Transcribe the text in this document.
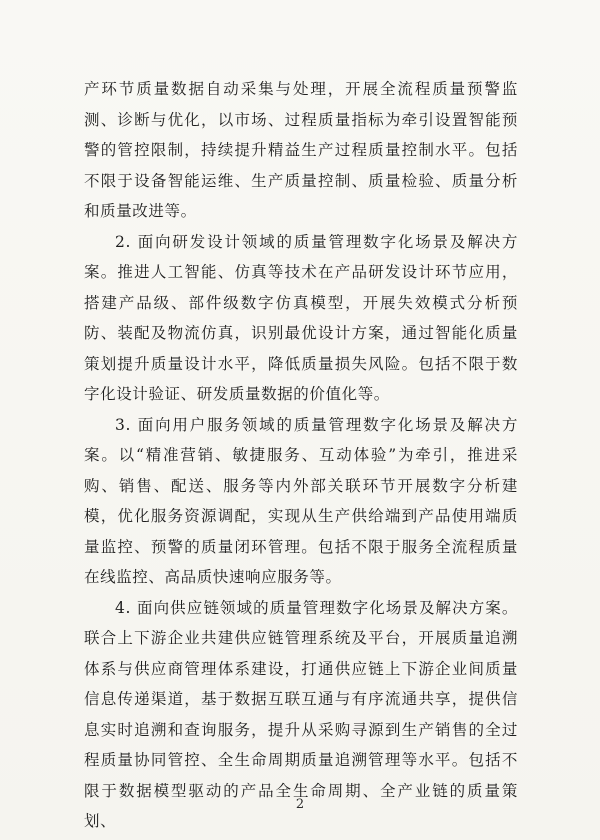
产环节质量数据自动采集与处理，开展全流程质量预警监测、诊断与优化，以市场、过程质量指标为牵引设置智能预警的管控限制，持续提升精益生产过程质量控制水平。包括不限于设备智能运维、生产质量控制、质量检验、质量分析和质量改进等。

2. 面向研发设计领域的质量管理数字化场景及解决方案。推进人工智能、仿真等技术在产品研发设计环节应用，搭建产品级、部件级数字仿真模型，开展失效模式分析预防、装配及物流仿真，识别最优设计方案，通过智能化质量策划提升质量设计水平，降低质量损失风险。包括不限于数字化设计验证、研发质量数据的价值化等。

3. 面向用户服务领域的质量管理数字化场景及解决方案。以“精准营销、敏捷服务、互动体验”为牵引，推进采购、销售、配送、服务等内外部关联环节开展数字分析建模，优化服务资源调配，实现从生产供给端到产品使用端质量监控、预警的质量闭环管理。包括不限于服务全流程质量在线监控、高品质快速响应服务等。

4. 面向供应链领域的质量管理数字化场景及解决方案。联合上下游企业共建供应链管理系统及平台，开展质量追溯体系与供应商管理体系建设，打通供应链上下游企业间质量信息传递渠道，基于数据互联互通与有序流通共享，提供信息实时追溯和查询服务，提升从采购寻源到生产销售的全过程质量协同管控、全生命周期质量追溯管理等水平。包括不限于数据模型驱动的产品全生命周期、全产业链的质量策划、

2
